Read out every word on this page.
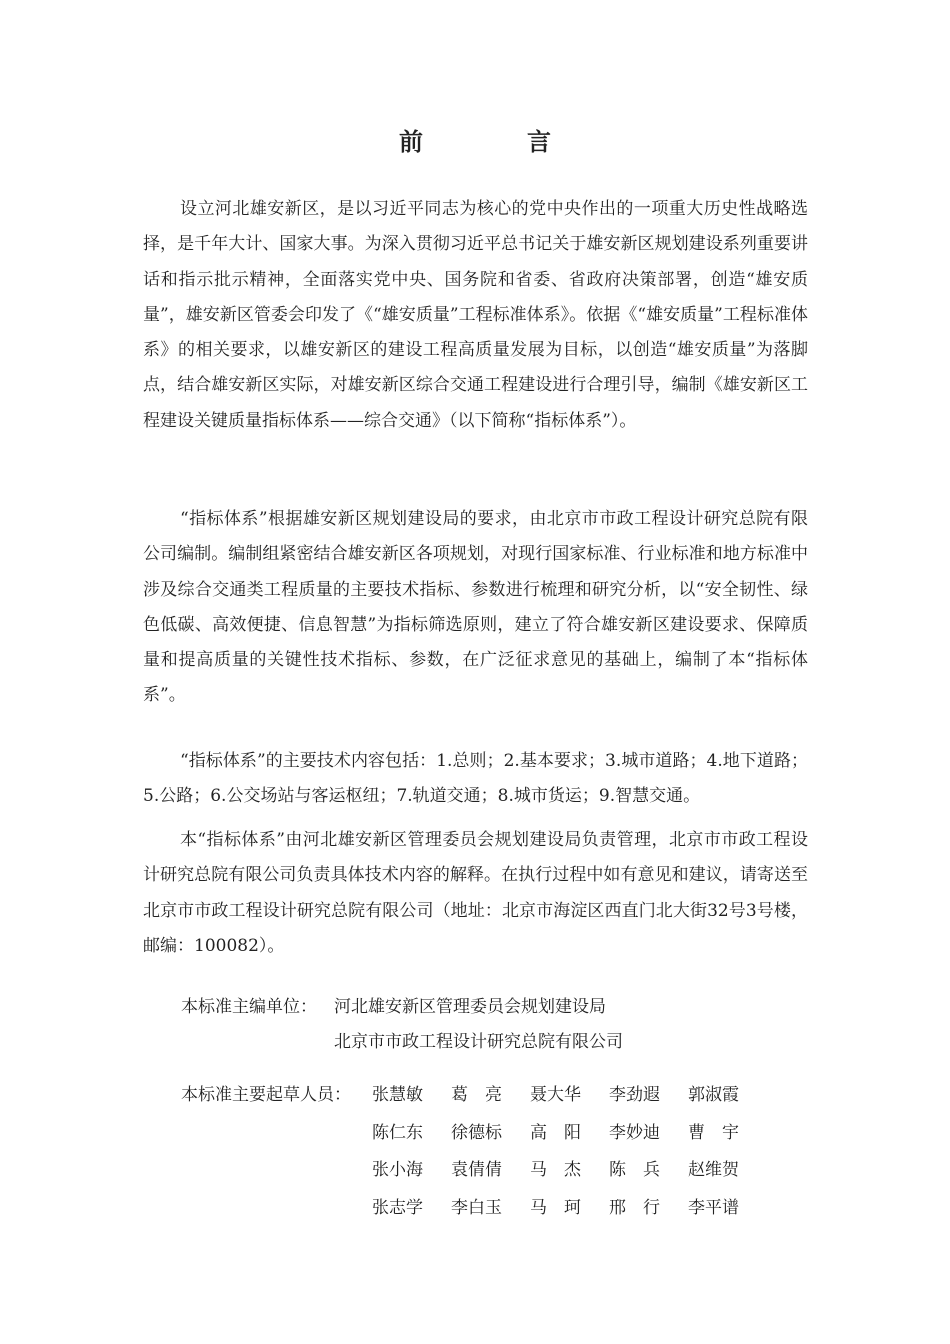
前　言

设立河北雄安新区，是以习近平同志为核心的党中央作出的一项重大历史性战略选择，是千年大计、国家大事。为深入贯彻习近平总书记关于雄安新区规划建设系列重要讲话和指示批示精神，全面落实党中央、国务院和省委、省政府决策部署，创造“雄安质量”，雄安新区管委会印发了《“雄安质量”工程标准体系》。依据《“雄安质量”工程标准体系》的相关要求，以雄安新区的建设工程高质量发展为目标，以创造“雄安质量”为落脚点，结合雄安新区实际，对雄安新区综合交通工程建设进行合理引导，编制《雄安新区工程建设关键质量指标体系——综合交通》（以下简称“指标体系”）。

“指标体系”根据雄安新区规划建设局的要求，由北京市市政工程设计研究总院有限公司编制。编制组紧密结合雄安新区各项规划，对现行国家标准、行业标准和地方标准中涉及综合交通类工程质量的主要技术指标、参数进行梳理和研究分析，以“安全韧性、绿色低碳、高效便捷、信息智慧”为指标筛选原则，建立了符合雄安新区建设要求、保障质量和提高质量的关键性技术指标、参数，在广泛征求意见的基础上，编制了本“指标体系”。

“指标体系”的主要技术内容包括：1.总则；2.基本要求；3.城市道路；4.地下道路；5.公路；6.公交场站与客运枢纽；7.轨道交通；8.城市货运；9.智慧交通。

本“指标体系”由河北雄安新区管理委员会规划建设局负责管理，北京市市政工程设计研究总院有限公司负责具体技术内容的解释。在执行过程中如有意见和建议，请寄送至北京市市政工程设计研究总院有限公司（地址：北京市海淀区西直门北大街32号3号楼，邮编：100082）。

本标准主编单位：	河北雄安新区管理委员会规划建设局
北京市市政工程设计研究总院有限公司
本标准主要起草人员：	张慧敏	葛　亮	聂大华	李劲遐	郭淑霞
陈仁东	徐德标	高　阳	李妙迪	曹　宇
张小海	袁倩倩	马　杰	陈　兵	赵维贺
张志学	李白玉	马　珂	邢　行	李平谱
